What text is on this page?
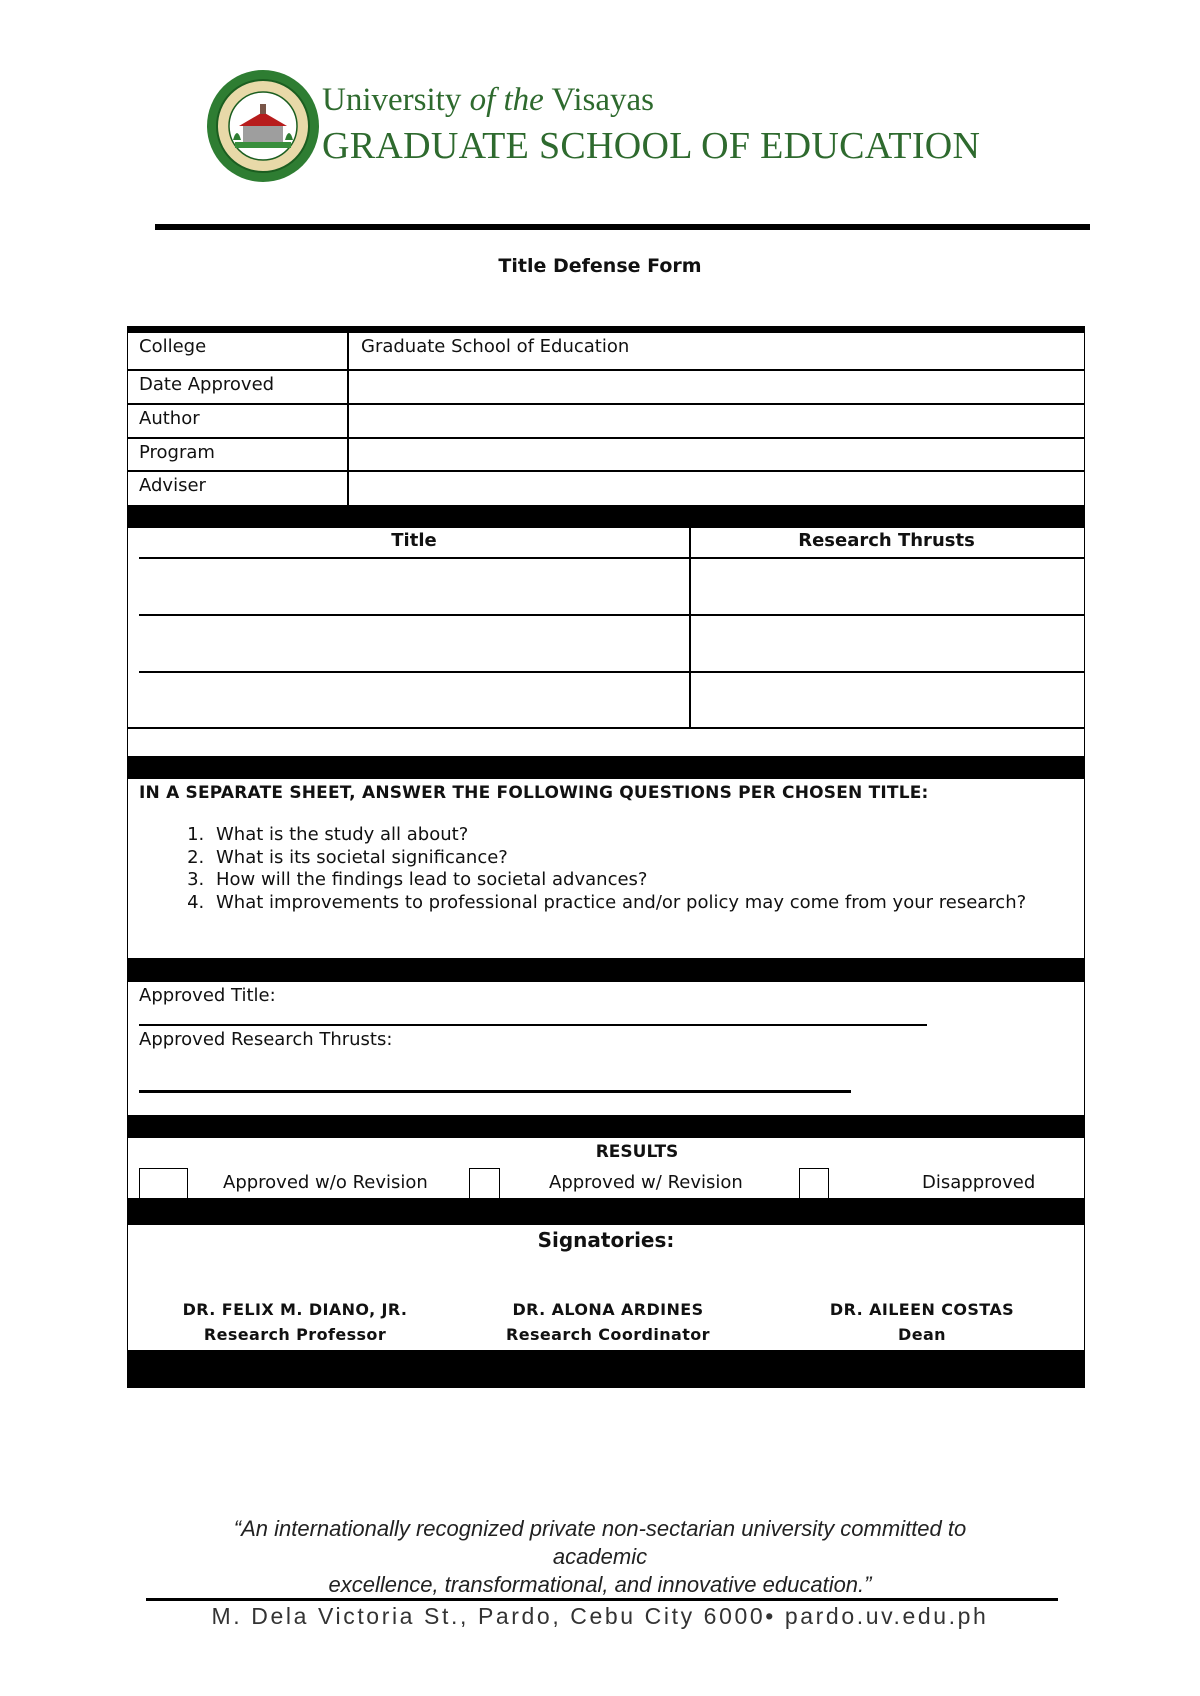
University of the Visayas
GRADUATE SCHOOL OF EDUCATION
Title Defense Form
College	Graduate School of Education
Date Approved
Author
Program
Adviser
Title	Research Thrusts
IN A SEPARATE SHEET, ANSWER THE FOLLOWING QUESTIONS PER CHOSEN TITLE:
1. What is the study all about?
2. What is its societal significance?
3. How will the findings lead to societal advances?
4. What improvements to professional practice and/or policy may come from your research?
Approved Title:
Approved Research Thrusts:
RESULTS
Approved w/o Revision	Approved w/ Revision	Disapproved
Signatories:
DR. FELIX M. DIANO, JR.
Research Professor
DR. ALONA ARDINES
Research Coordinator
DR. AILEEN COSTAS
Dean
“An internationally recognized private non-sectarian university committed to
academic
excellence, transformational, and innovative education.”
M. Dela Victoria St., Pardo, Cebu City 6000• pardo.uv.edu.ph
